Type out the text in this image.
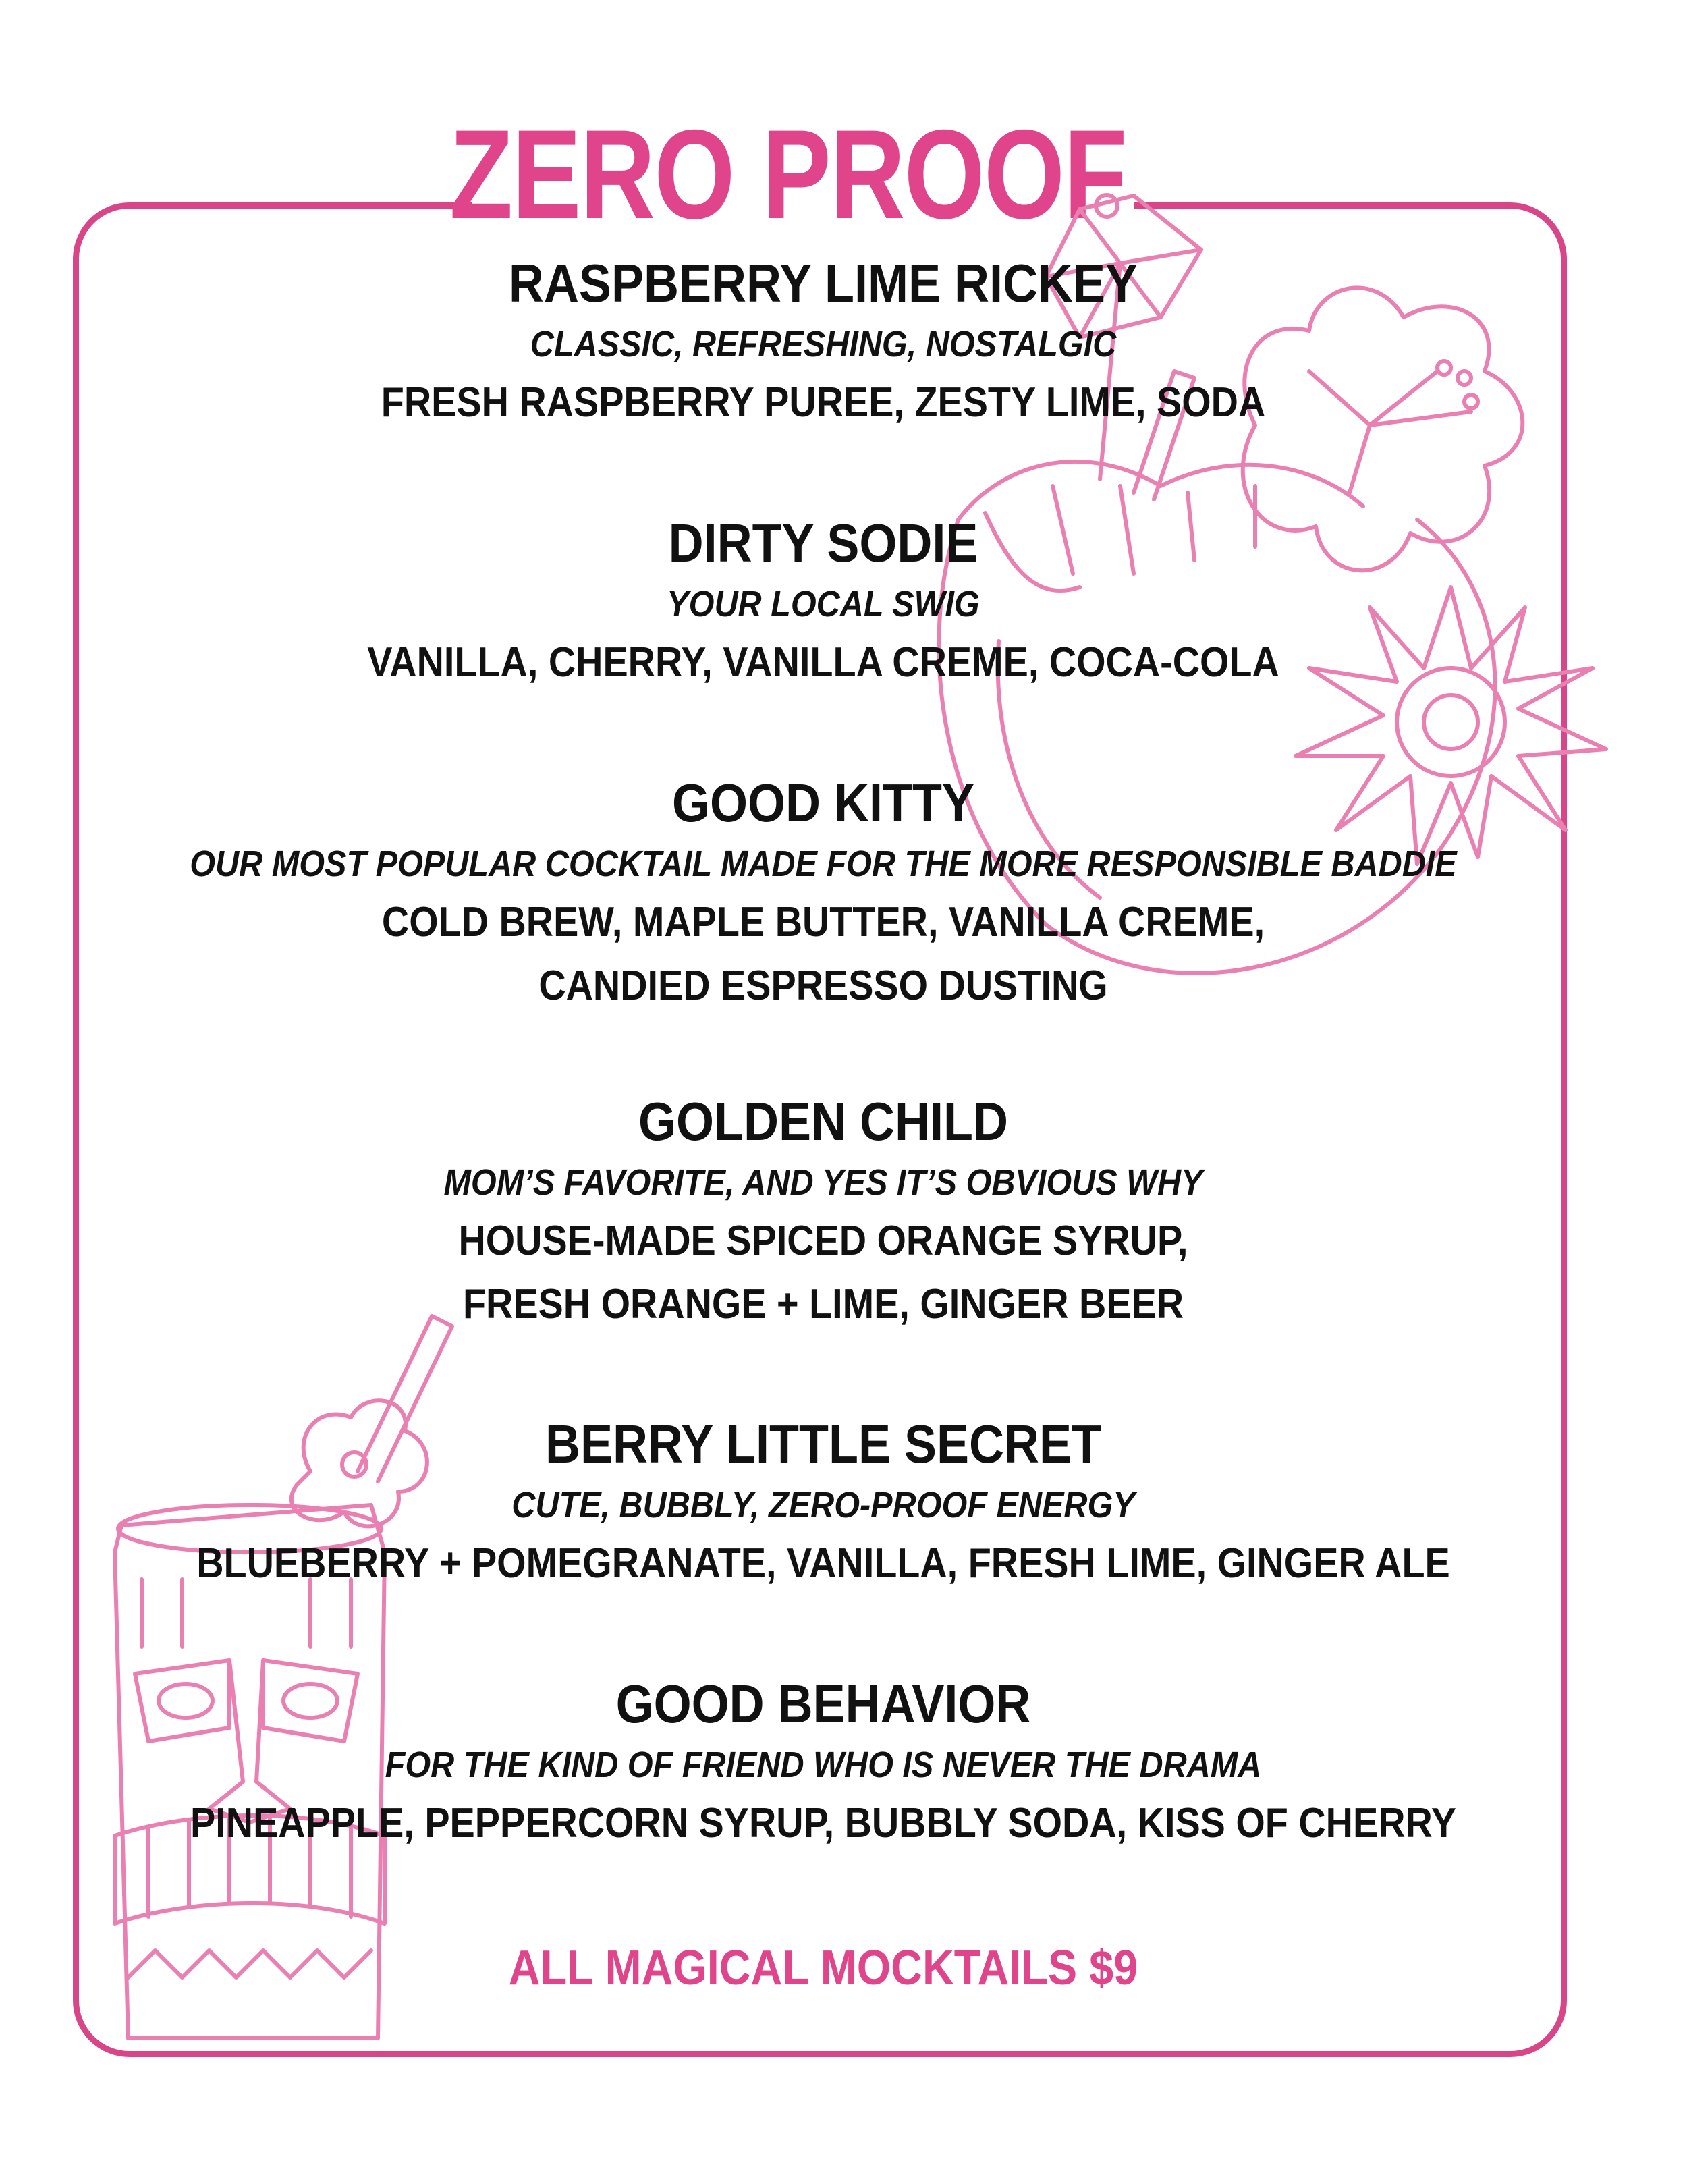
ZERO PROOF
RASPBERRY LIME RICKEY
CLASSIC, REFRESHING, NOSTALGIC
FRESH RASPBERRY PUREE, ZESTY LIME, SODA
DIRTY SODIE
YOUR LOCAL SWIG
VANILLA, CHERRY, VANILLA CREME, COCA-COLA
GOOD KITTY
OUR MOST POPULAR COCKTAIL MADE FOR THE MORE RESPONSIBLE BADDIE
COLD BREW, MAPLE BUTTER, VANILLA CREME,
CANDIED ESPRESSO DUSTING
GOLDEN CHILD
MOM’S FAVORITE, AND YES IT’S OBVIOUS WHY
HOUSE-MADE SPICED ORANGE SYRUP,
FRESH ORANGE + LIME, GINGER BEER
BERRY LITTLE SECRET
CUTE, BUBBLY, ZERO-PROOF ENERGY
BLUEBERRY + POMEGRANATE, VANILLA, FRESH LIME, GINGER ALE
GOOD BEHAVIOR
FOR THE KIND OF FRIEND WHO IS NEVER THE DRAMA
PINEAPPLE, PEPPERCORN SYRUP, BUBBLY SODA, KISS OF CHERRY
ALL MAGICAL MOCKTAILS $9
